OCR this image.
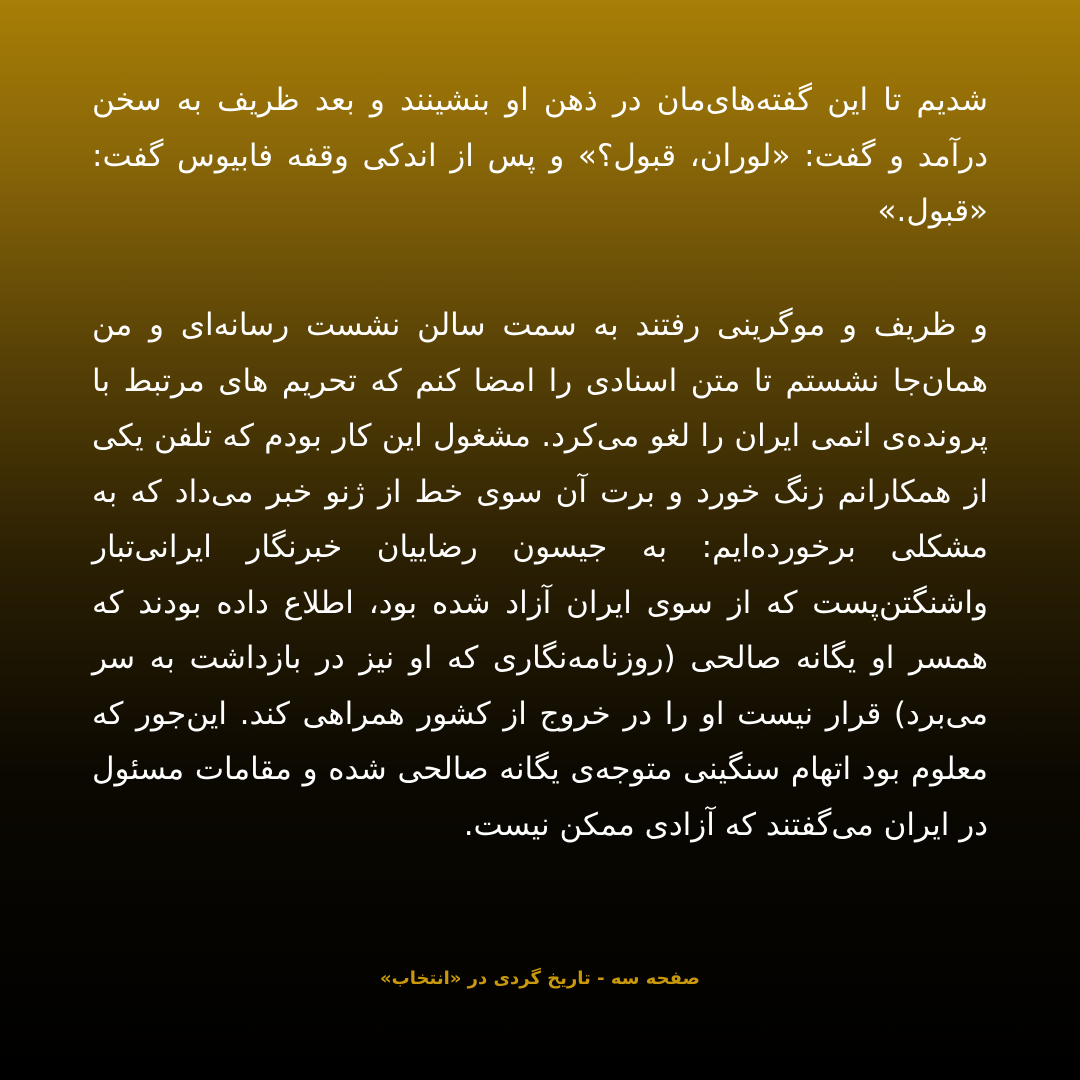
شدیم تا این گفته‌های‌مان در ذهن او بنشینند و بعد ظریف به سخن درآمد و گفت: «لوران، قبول؟» و پس از اندکی وقفه فابیوس گفت: «قبول.»

و ظریف و موگرینی رفتند به سمت سالن نشست رسانه‌ای و من همان‌جا نشستم تا متن اسنادی را امضا کنم که تحریم های مرتبط با پرونده‌ی اتمی ایران را لغو می‌کرد. مشغول این کار بودم که تلفن یکی از همکارانم زنگ خورد و برت آن سوی خط از ژنو خبر می‌داد که به مشکلی برخورده‌ایم: به جیسون رضاییان خبرنگار ایرانی‌تبار واشنگتن‌پست که از سوی ایران آزاد شده بود، اطلاع داده بودند که همسر او یگانه صالحی (روزنامه‌نگاری که او نیز در بازداشت به سر می‌برد) قرار نیست او را در خروج از کشور همراهی کند. این‌جور که معلوم بود اتهام سنگینی متوجه‌ی یگانه صالحی شده و مقامات مسئول در ایران می‌گفتند که آزادی ممکن نیست.

صفحه سه - تاریخ گردی در «انتخاب»
